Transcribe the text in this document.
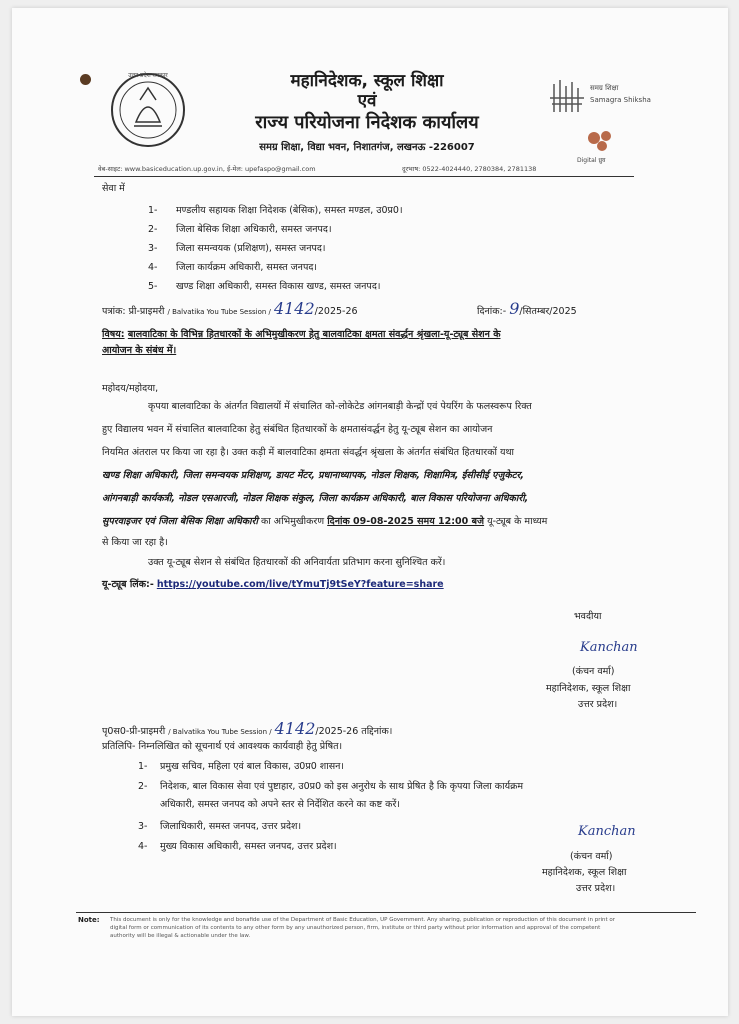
उत्तर प्रदेश सरकार	महानिदेशक, स्कूल शिक्षा
एवं
राज्य परियोजना निदेशक कार्यालय
समग्र शिक्षा, विद्या भवन, निशातगंज, लखनऊ -226007
समग्र शिक्षा
Samagra Shiksha
Digital ध्रुव
वेब-साइट: www.basiceducation.up.gov.in, ई-मेल: upefaspo@gmail.com	दूरभाष: 0522-4024440, 2780384, 2781138
सेवा में
1- मण्डलीय सहायक शिक्षा निदेशक (बेसिक), समस्त मण्डल, उ0प्र0।
2- जिला बेसिक शिक्षा अधिकारी, समस्त जनपद।
3- जिला समन्वयक (प्रशिक्षण), समस्त जनपद।
4- जिला कार्यक्रम अधिकारी, समस्त जनपद।
5- खण्ड शिक्षा अधिकारी, समस्त विकास खण्ड, समस्त जनपद।
पत्रांक: प्री-प्राइमरी / Balvatika You Tube Session / 4142/2025-26	दिनांक:- 9/सितम्बर/2025
विषय: बालवाटिका के विभिन्न हितधारकों के अभिमुखीकरण हेतु बालवाटिका क्षमता संवर्द्धन श्रृंखला-यू-ट्यूब सेशन के
आयोजन के संबंध में।
महोदय/महोदया,
कृपया बालवाटिका के अंतर्गत विद्यालयों में संचालित को-लोकेटेड आंगनबाड़ी केन्द्रों एवं पेयरिंग के फलस्वरूप रिक्त
हुए विद्यालय भवन में संचालित बालवाटिका हेतु संबंधित हितधारकों के क्षमतासंवर्द्धन हेतु यू-ट्यूब सेशन का आयोजन
नियमित अंतराल पर किया जा रहा है। उक्त कड़ी में बालवाटिका क्षमता संवर्द्धन श्रृंखला के अंतर्गत संबंधित हितधारकों यथा
खण्ड शिक्षा अधिकारी, जिला समन्वयक प्रशिक्षण, डायट मेंटर, प्रधानाध्यापक, नोडल शिक्षक, शिक्षामित्र, ईसीसीई एजुकेटर,
आंगनबाड़ी कार्यकत्री, नोडल एसआरजी, नोडल शिक्षक संकुल, जिला कार्यक्रम अधिकारी, बाल विकास परियोजना अधिकारी,
सुपरवाइजर एवं जिला बेसिक शिक्षा अधिकारी का अभिमुखीकरण दिनांक 09-08-2025 समय 12:00 बजे यू-ट्यूब के माध्यम
से किया जा रहा है।
उक्त यू-ट्यूब सेशन से संबंधित हितधारकों की अनिवार्यता प्रतिभाग करना सुनिश्चित करें।
यू-ट्यूब लिंक:- https://youtube.com/live/tYmuTj9tSeY?feature=share
भवदीया
Kanchan
(कंचन वर्मा)
महानिदेशक, स्कूल शिक्षा
उत्तर प्रदेश।
पृ0स0-प्री-प्राइमरी / Balvatika You Tube Session / 4142/2025-26 तद्दिनांक।
प्रतिलिपि- निम्नलिखित को सूचनार्थ एवं आवश्यक कार्यवाही हेतु प्रेषित।
1- प्रमुख सचिव, महिला एवं बाल विकास, उ0प्र0 शासन।
2- निदेशक, बाल विकास सेवा एवं पुष्टाहार, उ0प्र0 को इस अनुरोध के साथ प्रेषित है कि कृपया जिला कार्यक्रम
अधिकारी, समस्त जनपद को अपने स्तर से निर्देशित करने का कष्ट करें।
3- जिलाधिकारी, समस्त जनपद, उत्तर प्रदेश।
4- मुख्य विकास अधिकारी, समस्त जनपद, उत्तर प्रदेश।
Kanchan
(कंचन वर्मा)
महानिदेशक, स्कूल शिक्षा
उत्तर प्रदेश।
Note: This document is only for the knowledge and bonafide use of the Department of Basic Education, UP Government. Any sharing, publication or reproduction of this document in print or
digital form or communication of its contents to any other form by any unauthorized person, firm, institute or third party without prior information and approval of the competent
authority will be illegal & actionable under the law.
